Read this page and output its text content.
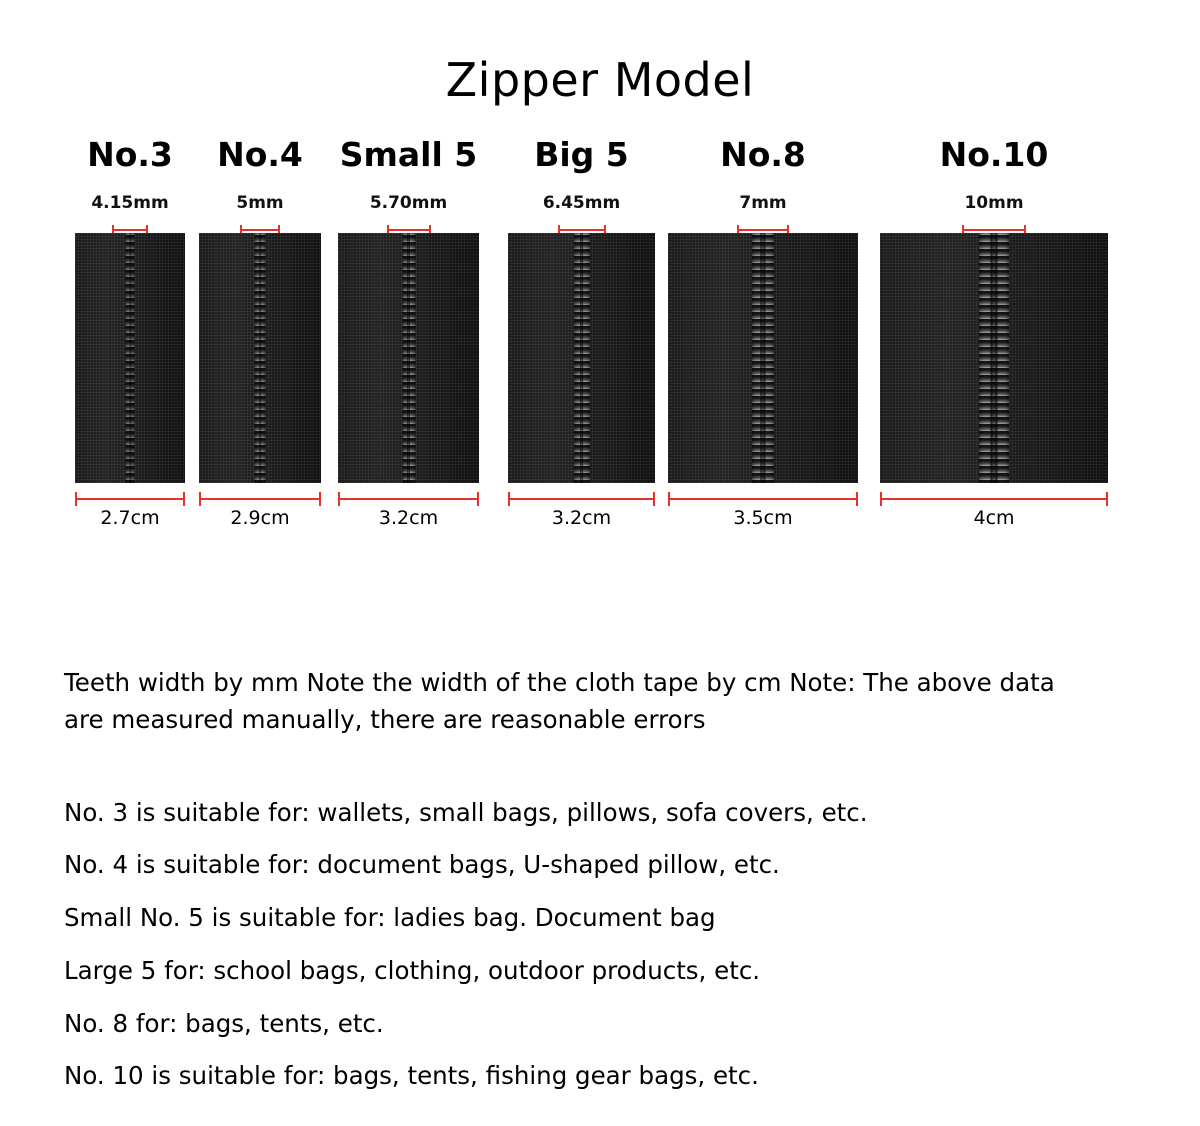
Zipper Model
No.3
4.15mm
2.7cm
No.4
5mm
2.9cm
Small 5
5.70mm
3.2cm
Big 5
6.45mm
3.2cm
No.8
7mm
3.5cm
No.10
10mm
4cm

Teeth width by mm Note the width of the cloth tape by cm Note: The above data are measured manually, there are reasonable errors

No. 3 is suitable for: wallets, small bags, pillows, sofa covers, etc.
No. 4 is suitable for: document bags, U-shaped pillow, etc.
Small No. 5 is suitable for: ladies bag. Document bag
Large 5 for: school bags, clothing, outdoor products, etc.
No. 8 for: bags, tents, etc.
No. 10 is suitable for: bags, tents, fishing gear bags, etc.
